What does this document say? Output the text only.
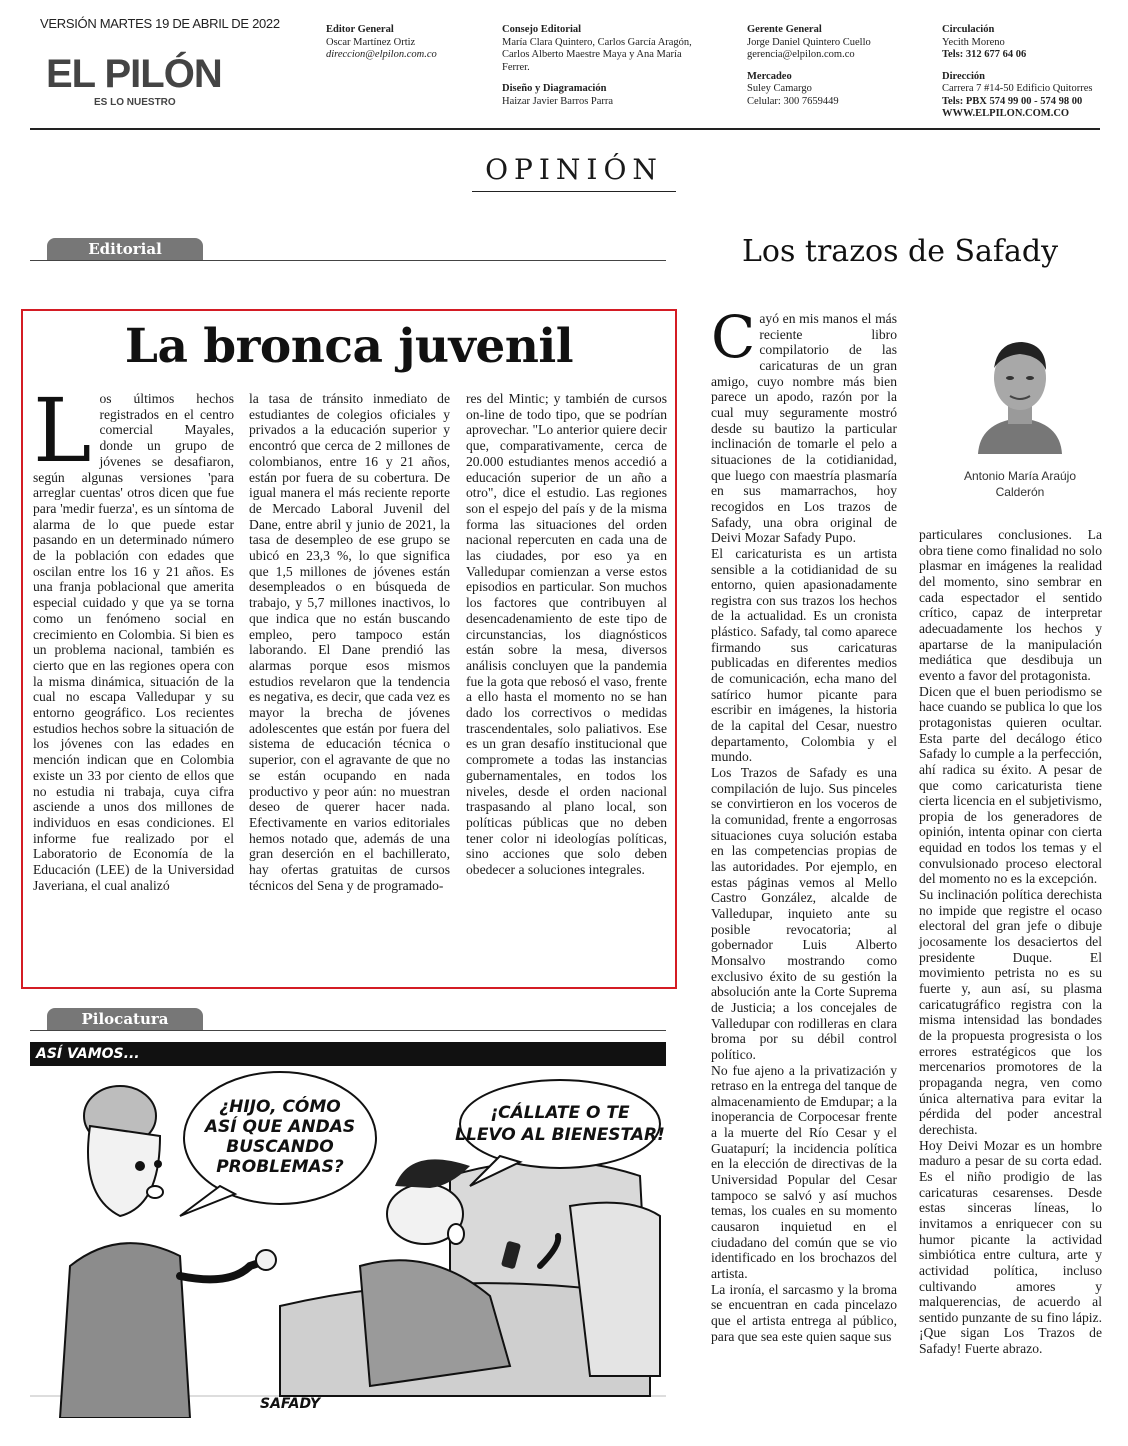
VERSIÓN MARTES 19 DE ABRIL DE 2022
EL PILÓN
ES LO NUESTRO
Editor General
Oscar Martínez Ortiz
direccion@elpilon.com.co
Consejo Editorial
María Clara Quintero, Carlos García Aragón,
Carlos Alberto Maestre Maya y Ana María
Ferrer.
Diseño y Diagramación
Haizar Javier Barros Parra
Gerente General
Jorge Daniel Quintero Cuello
gerencia@elpilon.com.co
Mercadeo
Suley Camargo
Celular: 300 7659449
Circulación
Yecith Moreno
Tels: 312 677 64 06
Dirección
Carrera 7 #14-50 Edificio Quitorres
Tels: PBX 574 99 00 - 574 98 00
WWW.ELPILON.COM.CO
OPINIÓN
Editorial	Los trazos de Safady
La bronca juvenil
Los últimos hechos registrados en el centro comercial Mayales, donde un grupo de jóvenes se desafiaron, según algunas versiones 'para arreglar cuentas' otros dicen que fue para 'medir fuerza', es un síntoma de alarma de lo que puede estar pasando en un determinado número de la población con edades que oscilan entre los 16 y 21 años. Es una franja poblacional que amerita especial cuidado y que ya se torna como un fenómeno social en crecimiento en Colombia. Si bien es un problema nacional, también es cierto que en las regiones opera con la misma dinámica, situación de la cual no escapa Valledupar y su entorno geográfico. Los recientes estudios hechos sobre la situación de los jóvenes con las edades en mención indican que en Colombia existe un 33 por ciento de ellos que no estudia ni trabaja, cuya cifra asciende a unos dos millones de individuos en esas condiciones. El informe fue realizado por el Laboratorio de Economía de la Educación (LEE) de la Universidad Javeriana, el cual analizó
la tasa de tránsito inmediato de estudiantes de colegios oficiales y privados a la educación superior y encontró que cerca de 2 millones de colombianos, entre 16 y 21 años, están por fuera de su cobertura. De igual manera el más reciente reporte de Mercado Laboral Juvenil del Dane, entre abril y junio de 2021, la tasa de desempleo de ese grupo se ubicó en 23,3 %, lo que significa que 1,5 millones de jóvenes están desempleados o en búsqueda de trabajo, y 5,7 millones inactivos, lo que indica que no están buscando empleo, pero tampoco están laborando. El Dane prendió las alarmas porque esos mismos estudios revelaron que la tendencia es negativa, es decir, que cada vez es mayor la brecha de jóvenes adolescentes que están por fuera del sistema de educación técnica o superior, con el agravante de que no se están ocupando en nada productivo y peor aún: no muestran deseo de querer hacer nada. Efectivamente en varios editoriales hemos notado que, además de una gran deserción en el bachillerato, hay ofertas gratuitas de cursos técnicos del Sena y de programado-
res del Mintic; y también de cursos on-line de todo tipo, que se podrían aprovechar. "Lo anterior quiere decir que, comparativamente, cerca de 20.000 estudiantes menos accedió a educación superior de un año a otro", dice el estudio. Las regiones son el espejo del país y de la misma forma las situaciones del orden nacional repercuten en cada una de las ciudades, por eso ya en Valledupar comienzan a verse estos episodios en particular. Son muchos los factores que contribuyen al desencadenamiento de este tipo de circunstancias, los diagnósticos están sobre la mesa, diversos análisis concluyen que la pandemia fue la gota que rebosó el vaso, frente a ello hasta el momento no se han dado los correctivos o medidas trascendentales, solo paliativos. Ese es un gran desafío institucional que compromete a todas las instancias gubernamentales, en todos los niveles, desde el orden nacional traspasando al plano local, son políticas públicas que no deben tener color ni ideologías políticas, sino acciones que solo deben obedecer a soluciones integrales.
Pilocatura
ASÍ VAMOS...
¿HIJO, CÓMO
ASÍ QUE ANDAS
BUSCANDO
PROBLEMAS?
¡CÁLLATE O TE
LLEVO AL BIENESTAR!
SAFADY
Cayó en mis manos el más reciente libro compilatorio de las caricaturas de un gran amigo, cuyo nombre más bien parece un apodo, razón por la cual muy seguramente mostró desde su bautizo la particular inclinación de tomarle el pelo a situaciones de la cotidianidad, que luego con maestría plasmaría en sus mamarrachos, hoy recogidos en Los trazos de Safady, una obra original de Deivi Mozar Safady Pupo.
El caricaturista es un artista sensible a la cotidianidad de su entorno, quien apasionadamente registra con sus trazos los hechos de la actualidad. Es un cronista plástico. Safady, tal como aparece firmando sus caricaturas publicadas en diferentes medios de comunicación, echa mano del satírico humor picante para escribir en imágenes, la historia de la capital del Cesar, nuestro departamento, Colombia y el mundo.
Los Trazos de Safady es una compilación de lujo. Sus pinceles se convirtieron en los voceros de la comunidad, frente a engorrosas situaciones cuya solución estaba en las competencias propias de las autoridades. Por ejemplo, en estas páginas vemos al Mello Castro González, alcalde de Valledupar, inquieto ante su posible revocatoria; al gobernador Luis Alberto Monsalvo mostrando como exclusivo éxito de su gestión la absolución ante la Corte Suprema de Justicia; a los concejales de Valledupar con rodilleras en clara broma por su débil control político.
No fue ajeno a la privatización y retraso en la entrega del tanque de almacenamiento de Emdupar; a la inoperancia de Corpocesar frente a la muerte del Río Cesar y el Guatapurí; la incidencia política en la elección de directivas de la Universidad Popular del Cesar tampoco se salvó y así muchos temas, los cuales en su momento causaron inquietud en el ciudadano del común que se vio identificado en los brochazos del artista.
La ironía, el sarcasmo y la broma se encuentran en cada pincelazo que el artista entrega al público, para que sea este quien saque sus
Antonio María Araújo
Calderón
particulares conclusiones. La obra tiene como finalidad no solo plasmar en imágenes la realidad del momento, sino sembrar en cada espectador el sentido crítico, capaz de interpretar adecuadamente los hechos y apartarse de la manipulación mediática que desdibuja un evento a favor del protagonista.
Dicen que el buen periodismo se hace cuando se publica lo que los protagonistas quieren ocultar. Esta parte del decálogo ético Safady lo cumple a la perfección, ahí radica su éxito. A pesar de que como caricaturista tiene cierta licencia en el subjetivismo, propia de los generadores de opinión, intenta opinar con cierta equidad en todos los temas y el convulsionado proceso electoral del momento no es la excepción.
Su inclinación política derechista no impide que registre el ocaso electoral del gran jefe o dibuje jocosamente los desaciertos del presidente Duque. El movimiento petrista no es su fuerte y, aun así, su plasma caricatugráfico registra con la misma intensidad las bondades de la propuesta progresista o los errores estratégicos que los mercenarios promotores de la propaganda negra, ven como única alternativa para evitar la pérdida del poder ancestral derechista.
Hoy Deivi Mozar es un hombre maduro a pesar de su corta edad. Es el niño prodigio de las caricaturas cesarenses. Desde estas sinceras líneas, lo invitamos a enriquecer con su humor picante la actividad simbiótica entre cultura, arte y actividad política, incluso cultivando amores y malquerencias, de acuerdo al sentido punzante de su fino lápiz. ¡Que sigan Los Trazos de Safady! Fuerte abrazo.
